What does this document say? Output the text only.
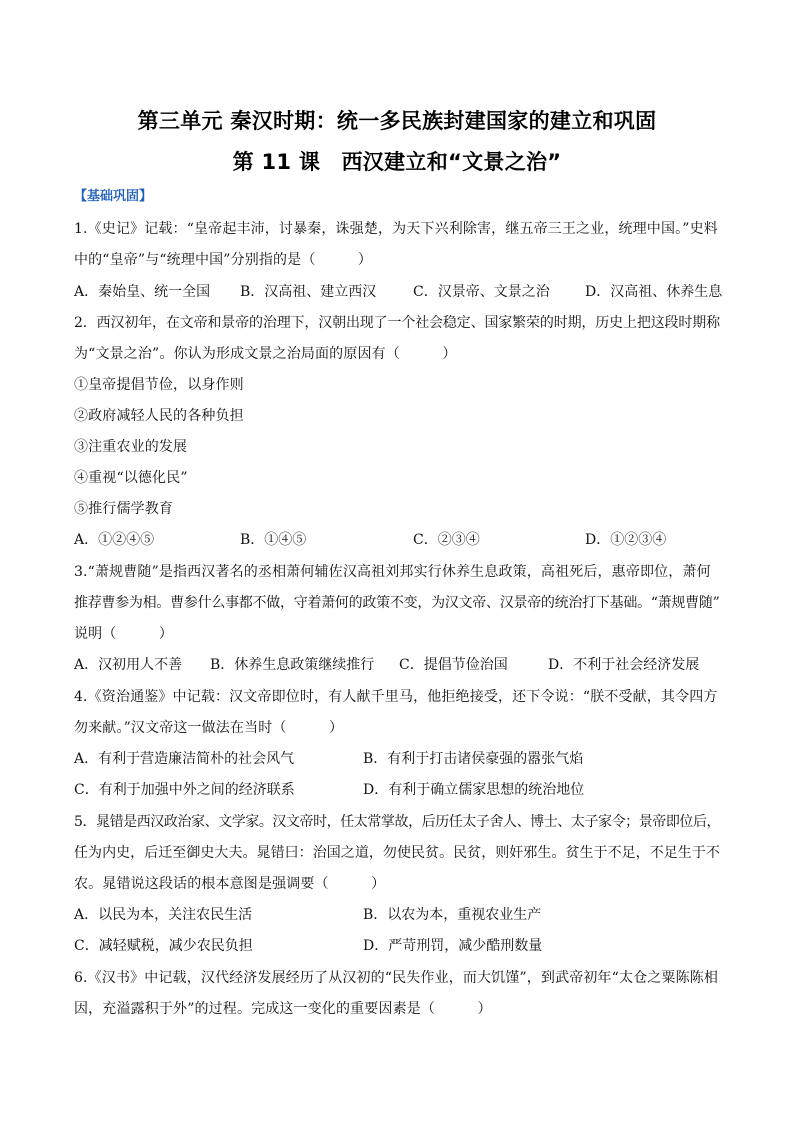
第三单元 秦汉时期：统一多民族封建国家的建立和巩固
第 11 课　西汉建立和“文景之治”
【基础巩固】
1.《史记》记载：“皇帝起丰沛，讨暴秦，诛强楚，为天下兴利除害，继五帝三王之业，统理中国。”史料
中的“皇帝”与“统理中国”分别指的是（　　　）
A．秦始皇、统一全国 B．汉高祖、建立西汉	C．汉景帝、文景之治	D．汉高祖、休养生息
2．西汉初年，在文帝和景帝的治理下，汉朝出现了一个社会稳定、国家繁荣的时期，历史上把这段时期称
为“文景之治”。你认为形成文景之治局面的原因有（　　　）
①皇帝提倡节俭，以身作则
②政府减轻人民的各种负担
③注重农业的发展
④重视“以德化民”
⑤推行儒学教育
A．①②④⑤	B．①④⑤	C．②③④	D．①②③④
3.“萧规曹随”是指西汉著名的丞相萧何辅佐汉高祖刘邦实行休养生息政策，高祖死后，惠帝即位，萧何
推荐曹参为相。曹参什么事都不做，守着萧何的政策不变，为汉文帝、汉景帝的统治打下基础。“萧规曹随”
说明（　　　）
A．汉初用人不善 B．休养生息政策继续推行 C．提倡节俭治国	D．不利于社会经济发展
4.《资治通鉴》中记载：汉文帝即位时，有人献千里马，他拒绝接受，还下令说：“朕不受献，其令四方
勿来献。”汉文帝这一做法在当时（　　　）
A．有利于营造廉洁简朴的社会风气	B．有利于打击诸侯豪强的嚣张气焰
C．有利于加强中外之间的经济联系	D．有利于确立儒家思想的统治地位
5．晁错是西汉政治家、文学家。汉文帝时，任太常掌故，后历任太子舍人、博士、太子家令；景帝即位后，
任为内史，后迁至御史大夫。晁错曰：治国之道，勿使民贫。民贫，则奸邪生。贫生于不足，不足生于不
农。晁错说这段话的根本意图是强调要（　　　）
A．以民为本，关注农民生活	B．以农为本，重视农业生产
C．减轻赋税，减少农民负担	D．严苛刑罚，减少酷刑数量
6.《汉书》中记载，汉代经济发展经历了从汉初的“民失作业，而大饥馑”，到武帝初年“太仓之粟陈陈相
因，充溢露积于外”的过程。完成这一变化的重要因素是（　　　）
